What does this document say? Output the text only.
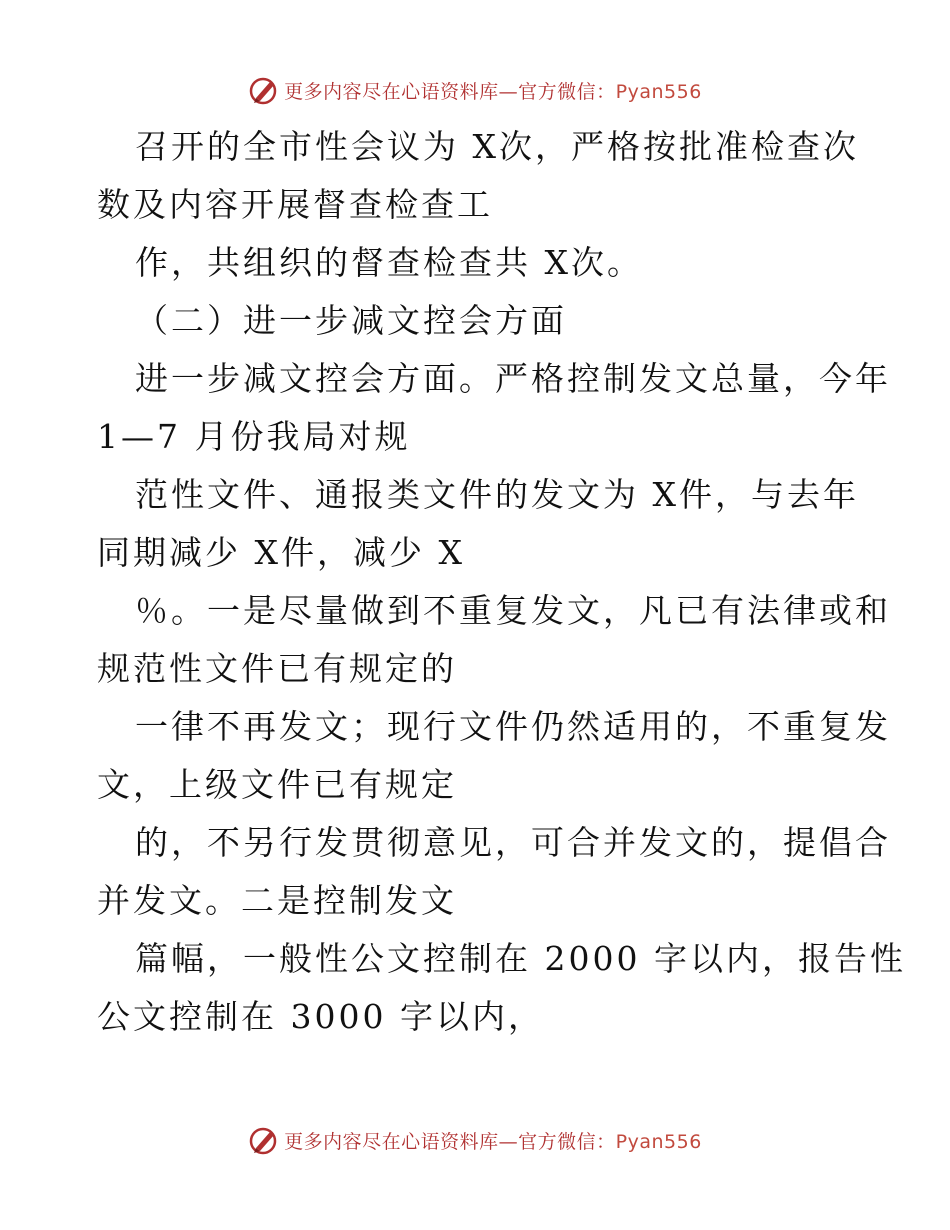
更多内容尽在心语资料库—官方微信：Pyan556
召开的全市性会议为 X次，严格按批准检查次
数及内容开展督查检查工
作，共组织的督查检查共 X次。
（二）进一步减文控会方面
进一步减文控会方面。严格控制发文总量，今年
1—7 月份我局对规
范性文件、通报类文件的发文为 X件，与去年
同期减少 X件，减少 X
％。一是尽量做到不重复发文，凡已有法律或和
规范性文件已有规定的
一律不再发文；现行文件仍然适用的，不重复发
文，上级文件已有规定
的，不另行发贯彻意见，可合并发文的，提倡合
并发文。二是控制发文
篇幅，一般性公文控制在 2000 字以内，报告性
公文控制在 3000 字以内，
更多内容尽在心语资料库—官方微信：Pyan556
